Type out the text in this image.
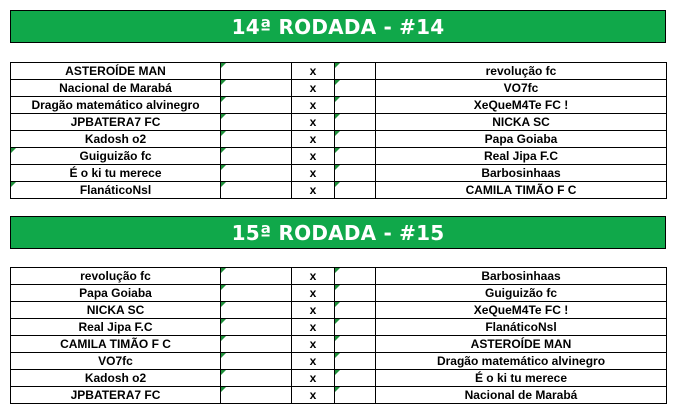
14ª RODADA - #14
ASTEROÍDE MAN		x		revolução fc
Nacional de Marabá		x		VO7fc
Dragão matemático alvinegro		x		XeQueM4Te FC !
JPBATERA7 FC		x		NICKA SC
Kadosh o2		x		Papa Goiaba
Guiguizão fc		x		Real Jipa F.C
É o ki tu merece		x		Barbosinhaas
FlanáticoNsl		x		CAMILA TIMÃO F C
15ª RODADA - #15
revolução fc		x		Barbosinhaas
Papa Goiaba		x		Guiguizão fc
NICKA SC		x		XeQueM4Te FC !
Real Jipa F.C		x		FlanáticoNsl
CAMILA TIMÃO F C		x		ASTEROÍDE MAN
VO7fc		x		Dragão matemático alvinegro
Kadosh o2		x		É o ki tu merece
JPBATERA7 FC		x		Nacional de Marabá
